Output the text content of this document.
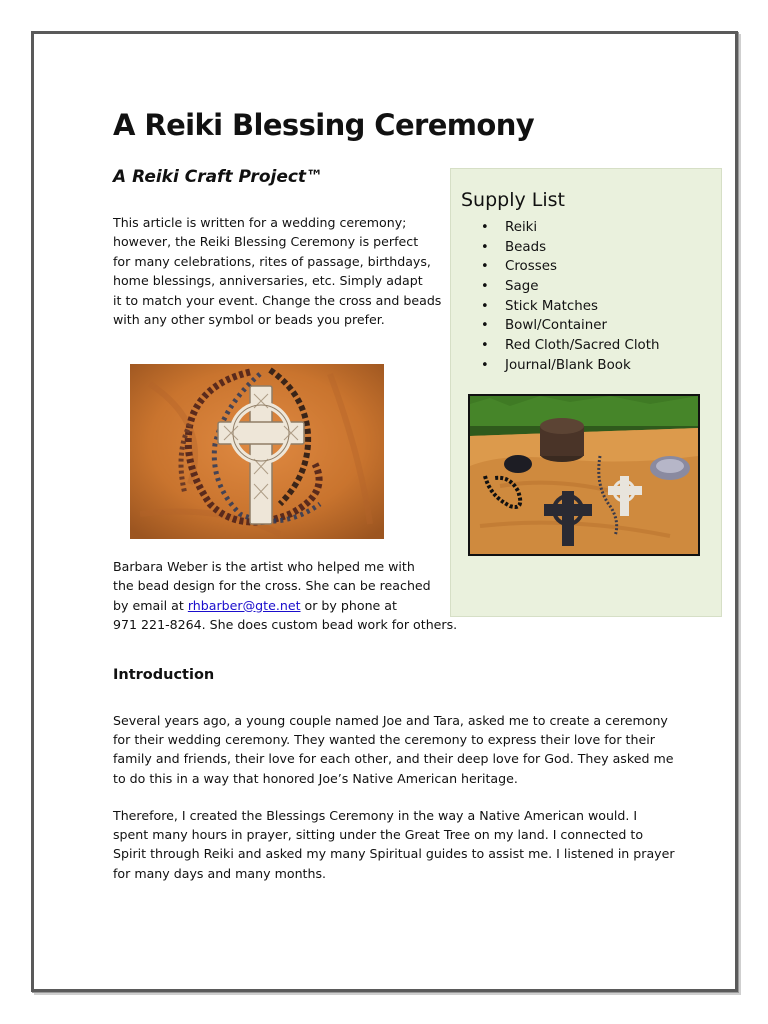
A Reiki Blessing Ceremony
A Reiki Craft Project™
This article is written for a wedding ceremony;
however, the Reiki Blessing Ceremony is perfect
for many celebrations, rites of passage, birthdays,
home blessings, anniversaries, etc. Simply adapt
it to match your event. Change the cross and beads
with any other symbol or beads you prefer.
Barbara Weber is the artist who helped me with
the bead design for the cross. She can be reached
by email at rhbarber@gte.net or by phone at
971 221-8264. She does custom bead work for others.
Supply List
• Reiki
• Beads
• Crosses
• Sage
• Stick Matches
• Bowl/Container
• Red Cloth/Sacred Cloth
• Journal/Blank Book
Introduction
Several years ago, a young couple named Joe and Tara, asked me to create a ceremony
for their wedding ceremony. They wanted the ceremony to express their love for their
family and friends, their love for each other, and their deep love for God. They asked me
to do this in a way that honored Joe’s Native American heritage.
Therefore, I created the Blessings Ceremony in the way a Native American would. I
spent many hours in prayer, sitting under the Great Tree on my land. I connected to
Spirit through Reiki and asked my many Spiritual guides to assist me. I listened in prayer
for many days and many months.
